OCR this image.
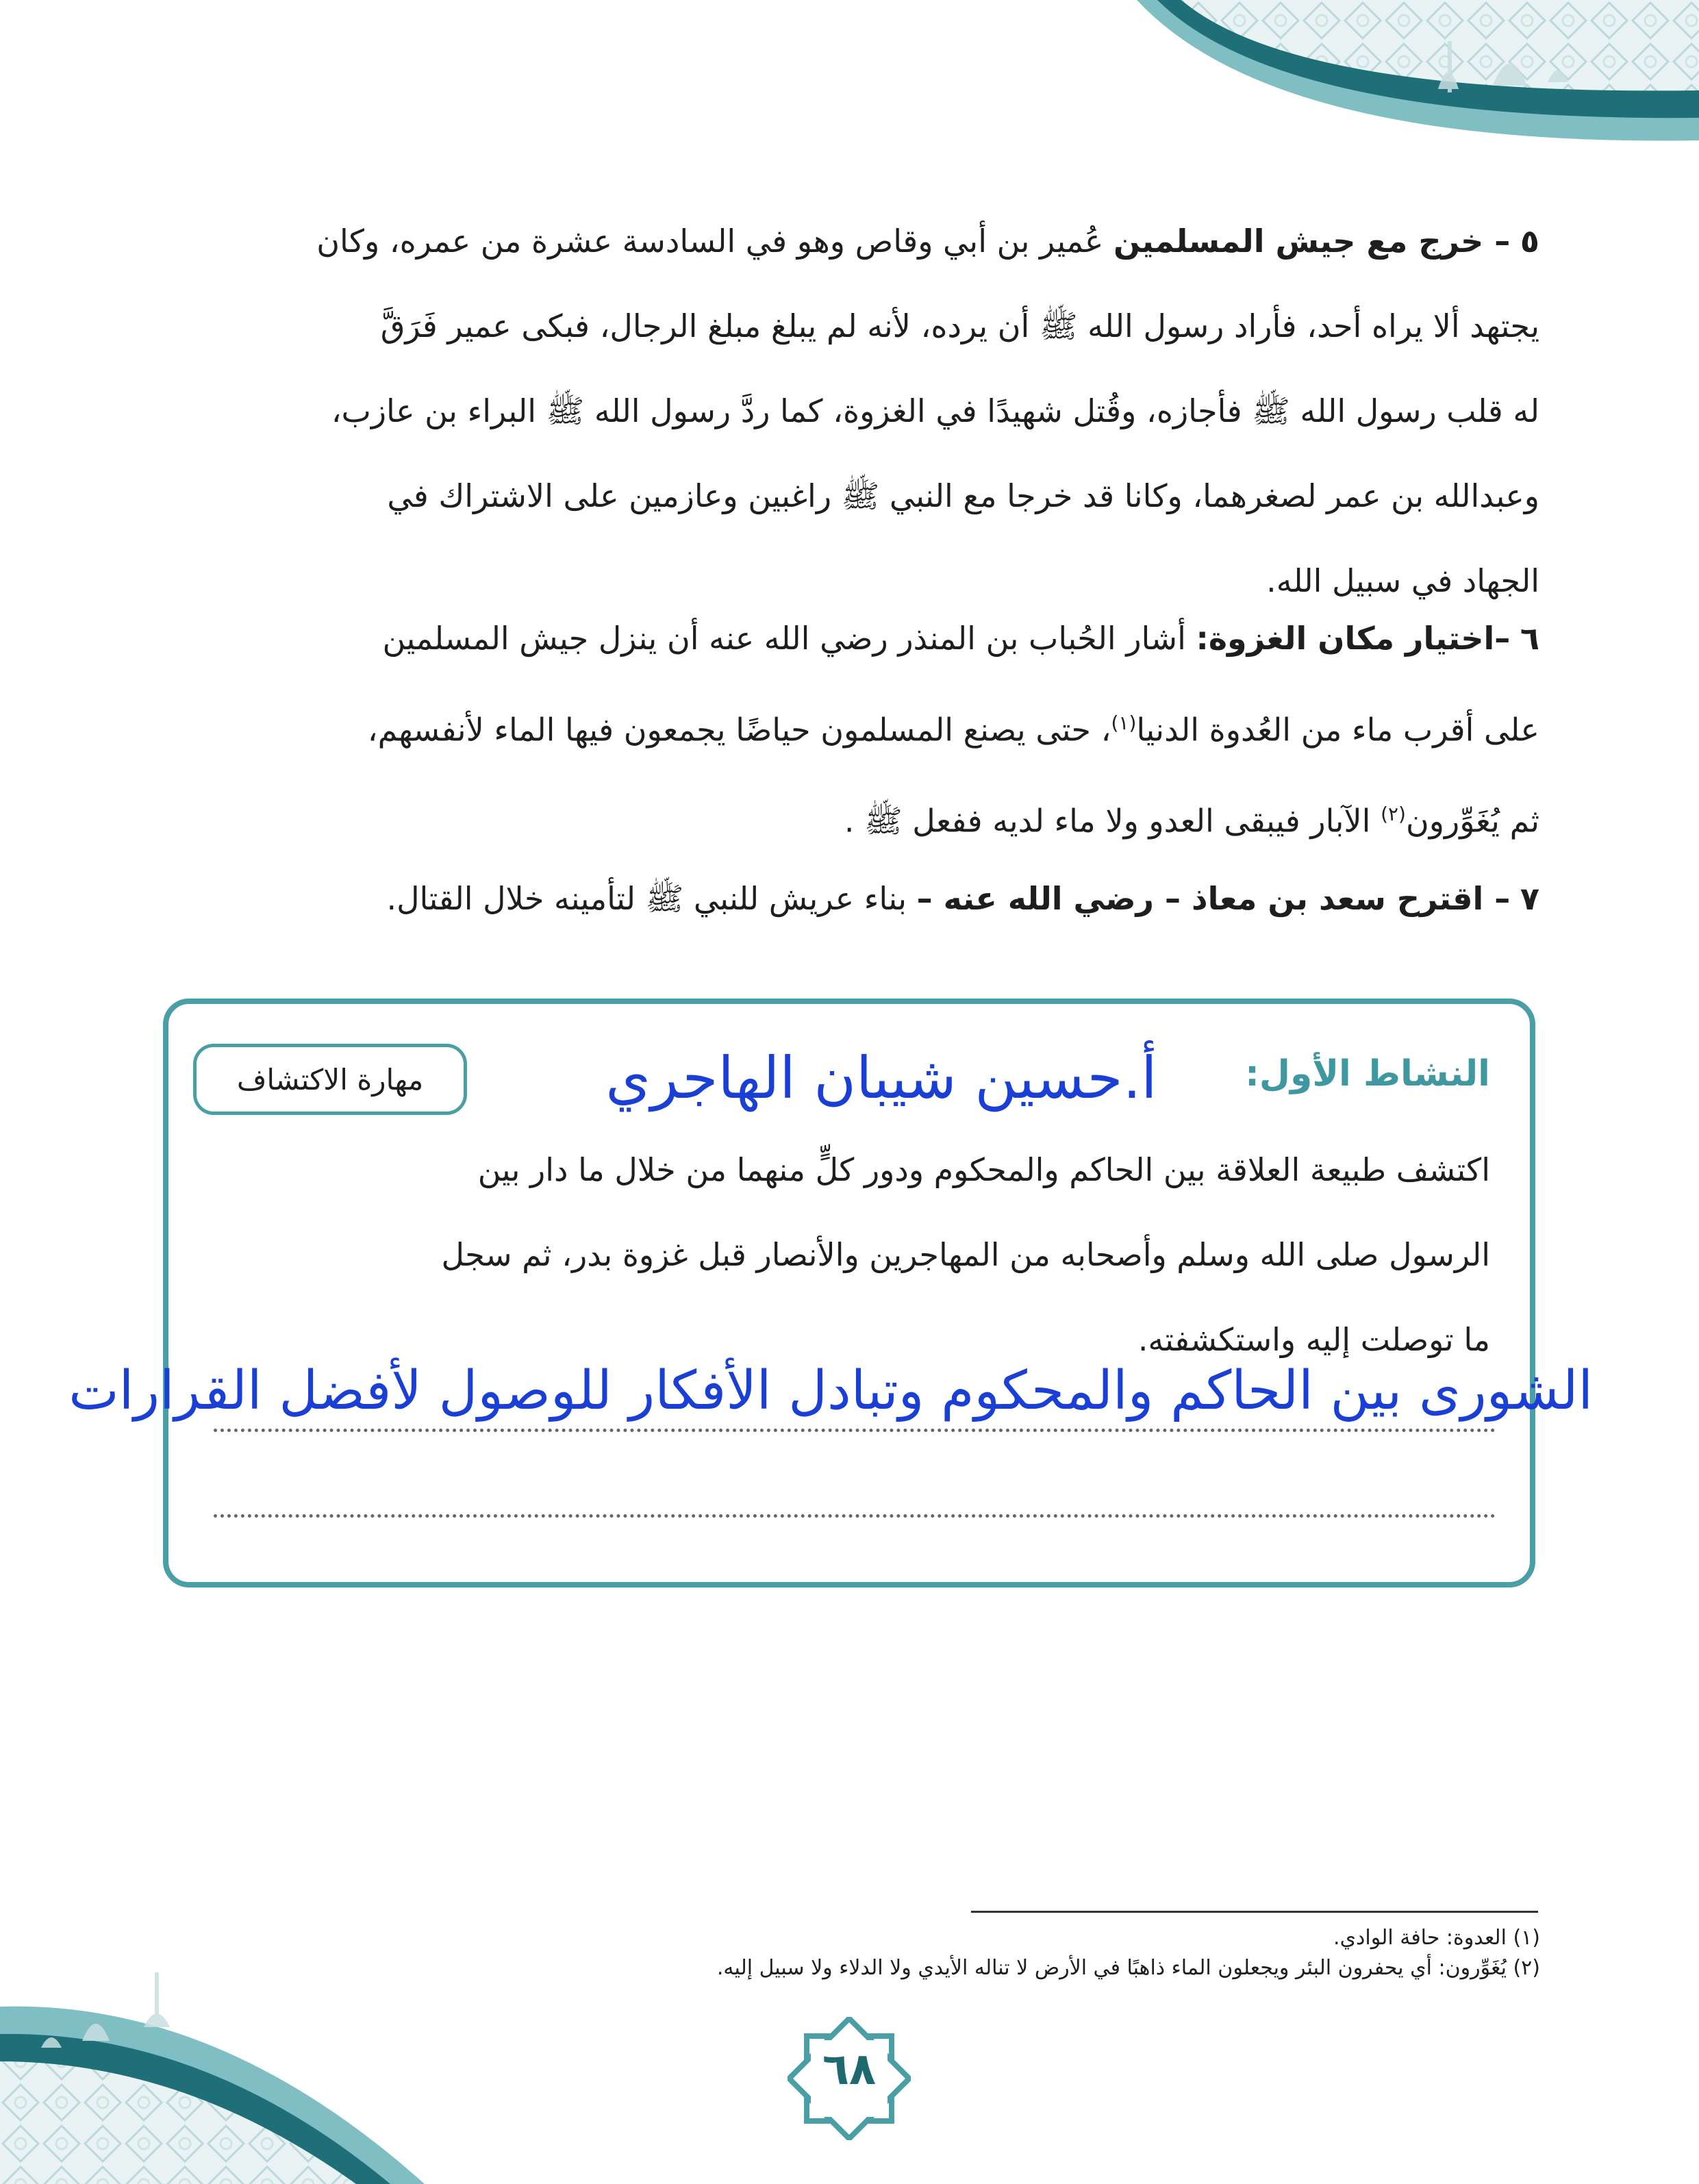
٥ – خرج مع جيش المسلمين عُمير بن أبي وقاص وهو في السادسة عشرة من عمره، وكان
يجتهد ألا يراه أحد، فأراد رسول الله ﷺ أن يرده، لأنه لم يبلغ مبلغ الرجال، فبكى عمير فَرَقَّ
له قلب رسول الله ﷺ فأجازه، وقُتل شهيدًا في الغزوة، كما ردَّ رسول الله ﷺ البراء بن عازب،
وعبدالله بن عمر لصغرهما، وكانا قد خرجا مع النبي ﷺ راغبين وعازمين على الاشتراك في
الجهاد في سبيل الله.
٦ –اختيار مكان الغزوة: أشار الحُباب بن المنذر رضي الله عنه أن ينزل جيش المسلمين
على أقرب ماء من العُدوة الدنيا$^{(١)}$، حتى يصنع المسلمون حياضًا يجمعون فيها الماء لأنفسهم،
ثم يُغَوِّرون$^{(٢)}$ الآبار فيبقى العدو ولا ماء لديه ففعل ﷺ .
٧ – اقترح سعد بن معاذ – رضي الله عنه – بناء عريش للنبي ﷺ لتأمينه خلال القتال.
النشاط الأول:
أ.حسين شيبان الهاجري
مهارة الاكتشاف
اكتشف طبيعة العلاقة بين الحاكم والمحكوم ودور كلٍّ منهما من خلال ما دار بين
الرسول صلى الله وسلم وأصحابه من المهاجرين والأنصار قبل غزوة بدر، ثم سجل
ما توصلت إليه واستكشفته.
الشورى بين الحاكم والمحكوم وتبادل الأفكار للوصول لأفضل القرارات
(١) العدوة: حافة الوادي.
(٢) يُغَوِّرون: أي يحفرون البئر ويجعلون الماء ذاهبًا في الأرض لا تناله الأيدي ولا الدلاء ولا سبيل إليه.
٦٨
